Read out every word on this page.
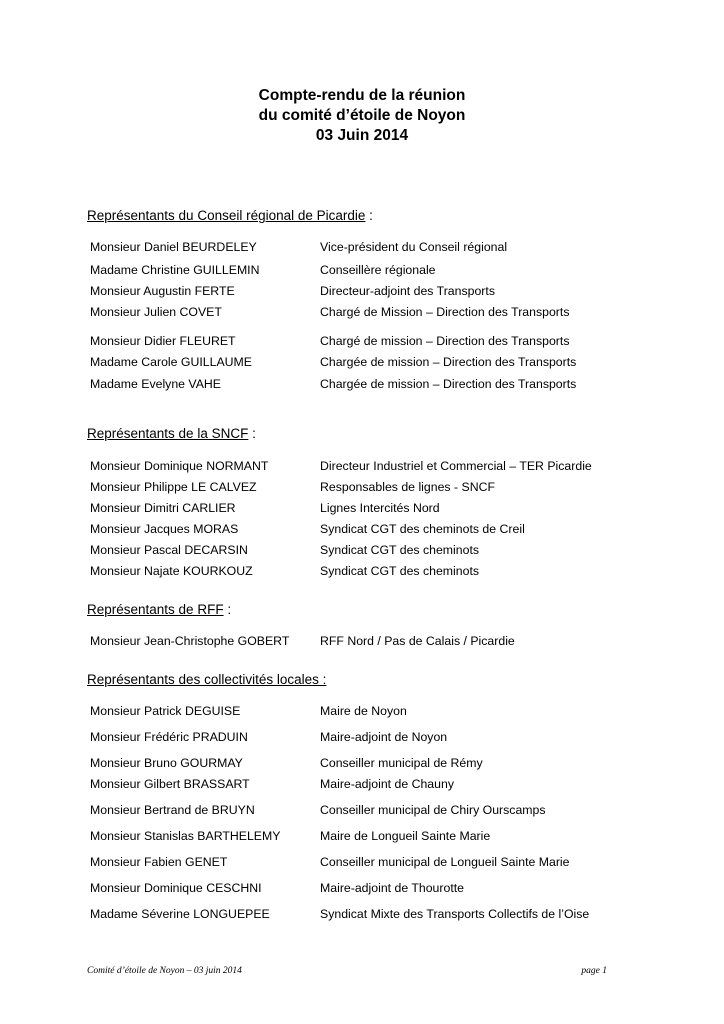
Compte-rendu de la réunion
du comité d’étoile de Noyon
03 Juin 2014
Représentants du Conseil régional de Picardie :
Monsieur Daniel BEURDELEY	Vice-président du Conseil régional
Madame Christine GUILLEMIN	Conseillère régionale
Monsieur Augustin FERTE	Directeur-adjoint des Transports
Monsieur Julien COVET	Chargé de Mission – Direction des Transports
Monsieur Didier FLEURET	Chargé de mission – Direction des Transports
Madame Carole GUILLAUME	Chargée de mission – Direction des Transports
Madame Evelyne VAHE	Chargée de mission – Direction des Transports
Représentants de la SNCF :
Monsieur Dominique NORMANT	Directeur Industriel et Commercial – TER Picardie
Monsieur Philippe LE CALVEZ	Responsables de lignes - SNCF
Monsieur Dimitri CARLIER	Lignes Intercités Nord
Monsieur Jacques MORAS	Syndicat CGT des cheminots de Creil
Monsieur Pascal DECARSIN	Syndicat CGT des cheminots
Monsieur Najate KOURKOUZ	Syndicat CGT des cheminots
Représentants de RFF :
Monsieur Jean-Christophe GOBERT RFF Nord / Pas de Calais / Picardie
Représentants des collectivités locales :
Monsieur Patrick DEGUISE	Maire de Noyon
Monsieur Frédéric PRADUIN	Maire-adjoint de Noyon
Monsieur Bruno GOURMAY	Conseiller municipal de Rémy
Monsieur Gilbert BRASSART	Maire-adjoint de Chauny
Monsieur Bertrand de BRUYN	Conseiller municipal de Chiry Ourscamps
Monsieur Stanislas BARTHELEMY	Maire de Longueil Sainte Marie
Monsieur Fabien GENET	Conseiller municipal de Longueil Sainte Marie
Monsieur Dominique CESCHNI	Maire-adjoint de Thourotte
Madame Séverine LONGUEPEE	Syndicat Mixte des Transports Collectifs de l’Oise
Comité d’étoile de Noyon – 03 juin 2014	page 1
